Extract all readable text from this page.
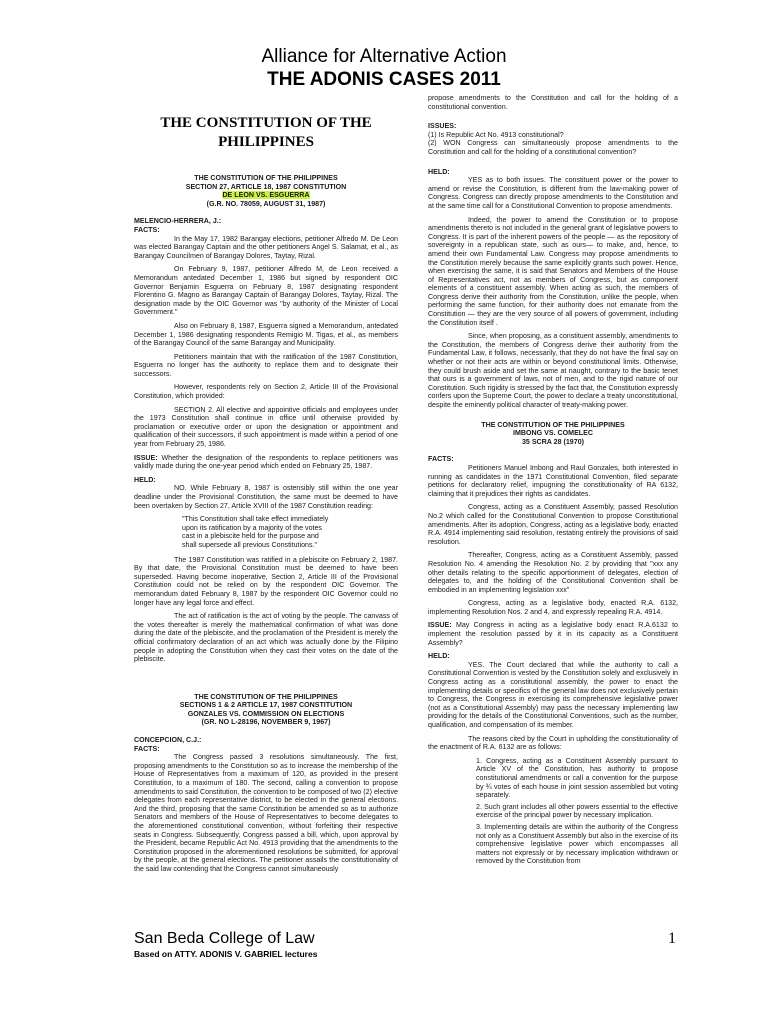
Alliance for Alternative Action
THE ADONIS CASES 2011
THE CONSTITUTION OF THE PHILIPPINES
THE CONSTITUTION OF THE PHILIPPINES
SECTION 27, ARTICLE 18, 1987 CONSTITUTION
DE LEON VS. ESGUERRA
(G.R. NO. 78059, AUGUST 31, 1987)
MELENCIO-HERRERA, J.:
FACTS:

In the May 17, 1982 Barangay elections, petitioner Alfredo M. De Leon was elected Barangay Captain and the other petitioners Angel S. Salamat, et al., as Barangay Councilmen of Barangay Dolores, Taytay, Rizal.

On February 9, 1987, petitioner Alfredo M, de Leon received a Memorandum antedated December 1, 1986 but signed by respondent OIC Governor Benjamin Esguerra on February 8, 1987 designating respondent Florentino G. Magno as Barangay Captain of Barangay Dolores, Taytay, Rizal. The designation made by the OIC Governor was "by authority of the Minister of Local Government."

Also on February 8, 1987, Esguerra signed a Memorandum, antedated December 1, 1986 designating respondents Remigio M. Tigas, et al., as members of the Barangay Council of the same Barangay and Municipality.

Petitioners maintain that with the ratification of the 1987 Constitution, Esguerra no longer has the authority to replace them and to designate their successors.

However, respondents rely on Section 2, Article III of the Provisional Constitution, which provided:

SECTION 2. All elective and appointive officials and employees under the 1973 Constitution shall continue in office until otherwise provided by proclamation or executive order or upon the designation or appointment and qualification of their successors, if such appointment is made within a period of one year from February 25, 1986.

ISSUE: Whether the designation of the respondents to replace petitioners was validly made during the one-year period which ended on February 25, 1987.

HELD:

NO. While February 8, 1987 is ostensibly still within the one year deadline under the Provisional Constitution, the same must be deemed to have been overtaken by Section 27, Article XVIII of the 1987 Constitution reading:

"This Constitution shall take effect immediately upon its ratification by a majority of the votes cast in a plebiscite held for the purpose and shall supersede all previous Constitutions."

The 1987 Constitution was ratified in a plebiscite on February 2, 1987. By that date, the Provisional Constitution must be deemed to have been superseded. Having become inoperative, Section 2, Article III of the Provisional Constitution could not be relied on by the respondent OIC Governor. The memorandum dated February 8, 1987 by the respondent OIC Governor could no longer have any legal force and effect.

The act of ratification is the act of voting by the people. The canvass of the votes thereafter is merely the mathematical confirmation of what was done during the date of the plebiscite, and the proclamation of the President is merely the official confirmatory declaration of an act which was actually done by the Filipino people in adopting the Constitution when they cast their votes on the date of the plebiscite.

THE CONSTITUTION OF THE PHILIPPINES
SECTIONS 1 & 2 ARTICLE 17, 1987 CONSTITUTION
GONZALES VS. COMMISSION ON ELECTIONS
(GR. NO L-28196, NOVEMBER 9, 1967)
CONCEPCION, C.J.:
FACTS:

The Congress passed 3 resolutions simultaneously. The first, proposing amendments to the Constitution so as to increase the membership of the House of Representatives from a maximum of 120, as provided in the present Constitution, to a maximum of 180. The second, calling a convention to propose amendments to said Constitution, the convention to be composed of two (2) elective delegates from each representative district, to be elected in the general elections. And the third, proposing that the same Constitution be amended so as to authorize Senators and members of the House of Representatives to become delegates to the aforementioned constitutional convention, without forfeiting their respective seats in Congress. Subsequently, Congress passed a bill, which, upon approval by the President, became Republic Act No. 4913 providing that the amendments to the Constitution proposed in the aforementioned resolutions be submitted, for approval by the people, at the general elections. The petitioner assails the constitutionality of the said law contending that the Congress cannot simultaneously

propose amendments to the Constitution and call for the holding of a constitutional convention.

ISSUES:
(1) Is Republic Act No. 4913 constitutional?

(2) WON Congress can simultaneously propose amendments to the Constitution and call for the holding of a constitutional convention?

HELD:

YES as to both issues. The constituent power or the power to amend or revise the Constitution, is different from the law-making power of Congress. Congress can directly propose amendments to the Constitution and at the same time call for a Constitutional Convention to propose amendments.

Indeed, the power to amend the Constitution or to propose amendments thereto is not included in the general grant of legislative powers to Congress. It is part of the inherent powers of the people — as the repository of sovereignty in a republican state, such as ours— to make, and, hence, to amend their own Fundamental Law. Congress may propose amendments to the Constitution merely because the same explicitly grants such power. Hence, when exercising the same, it is said that Senators and Members of the House of Representatives act, not as members of Congress, but as component elements of a constituent assembly. When acting as such, the members of Congress derive their authority from the Constitution, unlike the people, when performing the same function, for their authority does not emanate from the Constitution — they are the very source of all powers of government, including the Constitution itself .

Since, when proposing, as a constituent assembly, amendments to the Constitution, the members of Congress derive their authority from the Fundamental Law, it follows, necessarily, that they do not have the final say on whether or not their acts are within or beyond constitutional limits. Otherwise, they could brush aside and set the same at naught, contrary to the basic tenet that ours is a government of laws, not of men, and to the rigid nature of our Constitution. Such rigidity is stressed by the fact that, the Constitution expressly confers upon the Supreme Court, the power to declare a treaty unconstitutional, despite the eminently political character of treaty-making power.

THE CONSTITUTION OF THE PHILIPPINES
IMBONG VS. COMELEC
35 SCRA 28 (1970)
FACTS:

Petitioners Manuel Imbong and Raul Gonzales, both interested in running as candidates in the 1971 Constitutional Convention, filed separate petitions for declaratory relief, impugning the constitutionality of RA 6132, claiming that it prejudices their rights as candidates.

Congress, acting as a Constituent Assembly, passed Resolution No.2 which called for the Constitutional Convention to propose Constitutional amendments. After its adoption, Congress, acting as a legislative body, enacted R.A. 4914 implementing said resolution, restating entirely the provisions of said resolution.

Thereafter, Congress, acting as a Constituent Assembly, passed Resolution No. 4 amending the Resolution No. 2 by providing that "xxx any other details relating to the specific apportionment of delegates, election of delegates to, and the holding of the Constitutional Convention shall be embodied in an implementing legislation xxx"

Congress, acting as a legislative body, enacted R.A. 6132, implementing Resolution Nos. 2 and 4, and expressly repealing R.A. 4914.

ISSUE: May Congress in acting as a legislative body enact R.A.6132 to implement the resolution passed by it in its capacity as a Constituent Assembly?

HELD:

YES. The Court declared that while the authority to call a Constitutional Convention is vested by the Constitution solely and exclusively in Congress acting as a constitutional assembly, the power to enact the implementing details or specifics of the general law does not exclusively pertain to Congress, the Congress in exercising its comprehensive legislative power (not as a Constitutional Assembly) may pass the necessary implementing law providing for the details of the Constitutional Conventions, such as the number, qualification, and compensation of its member.

The reasons cited by the Court in upholding the constitutionality of the enactment of R.A. 6132 are as follows:

1. Congress, acting as a Constituent Assembly pursuant to Article XV of the Constitution, has authority to propose constitutional amendments or call a convention for the purpose by ¾ votes of each house in joint session assembled but voting separately.
2. Such grant includes all other powers essential to the effective exercise of the principal power by necessary implication.
3. Implementing details are within the authority of the Congress not only as a Constituent Assembly but also in the exercise of its comprehensive legislative power which encompasses all matters not expressly or by necessary implication withdrawn or removed by the Constitution from
San Beda College of Law
Based on ATTY. ADONIS V. GABRIEL lectures
1
